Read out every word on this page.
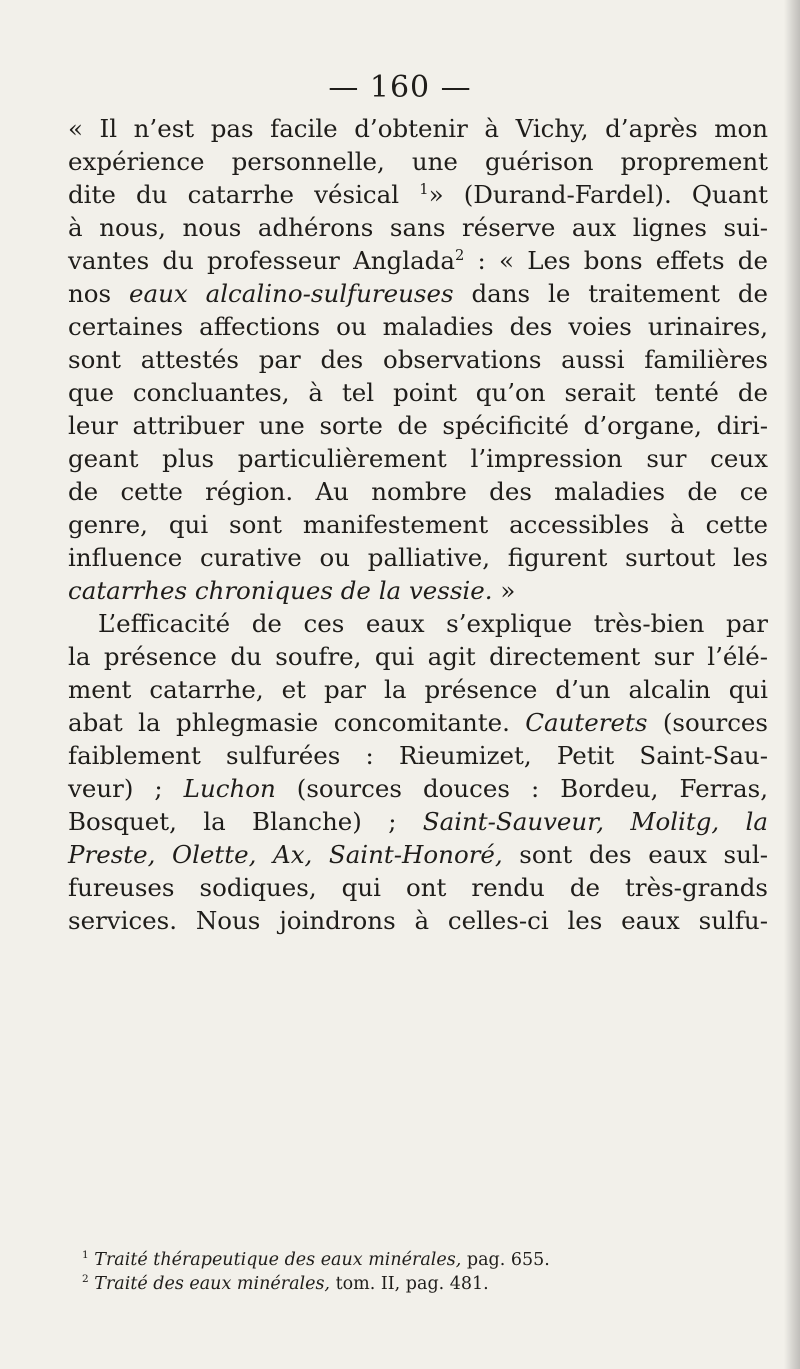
— 160 —
« Il n’est pas facile d’obtenir à Vichy, d’après mon
expérience personnelle, une guérison proprement
dite du catarrhe vésical $^1$» (Durand-Fardel). Quant
à nous, nous adhérons sans réserve aux lignes sui-
vantes du professeur Anglada$^2$ : « Les bons effets de
nos eaux alcalino-sulfureuses dans le traitement de
certaines affections ou maladies des voies urinaires,
sont attestés par des observations aussi familières
que concluantes, à tel point qu’on serait tenté de
leur attribuer une sorte de spécificité d’organe, diri-
geant plus particulièrement l’impression sur ceux
de cette région. Au nombre des maladies de ce
genre, qui sont manifestement accessibles à cette
influence curative ou palliative, figurent surtout les
catarrhes chroniques de la vessie. »
L’efficacité de ces eaux s’explique très-bien par
la présence du soufre, qui agit directement sur l’élé-
ment catarrhe, et par la présence d’un alcalin qui
abat la phlegmasie concomitante. Cauterets (sources
faiblement sulfurées : Rieumizet, Petit Saint-Sau-
veur) ; Luchon (sources douces : Bordeu, Ferras,
Bosquet, la Blanche) ; Saint-Sauveur, Molitg, la
Preste, Olette, Ax, Saint-Honoré, sont des eaux sul-
fureuses sodiques, qui ont rendu de très-grands
services. Nous joindrons à celles-ci les eaux sulfu-
$^1$ Traité thérapeutique des eaux minérales, pag. 655.
$^2$ Traité des eaux minérales, tom. II, pag. 481.
